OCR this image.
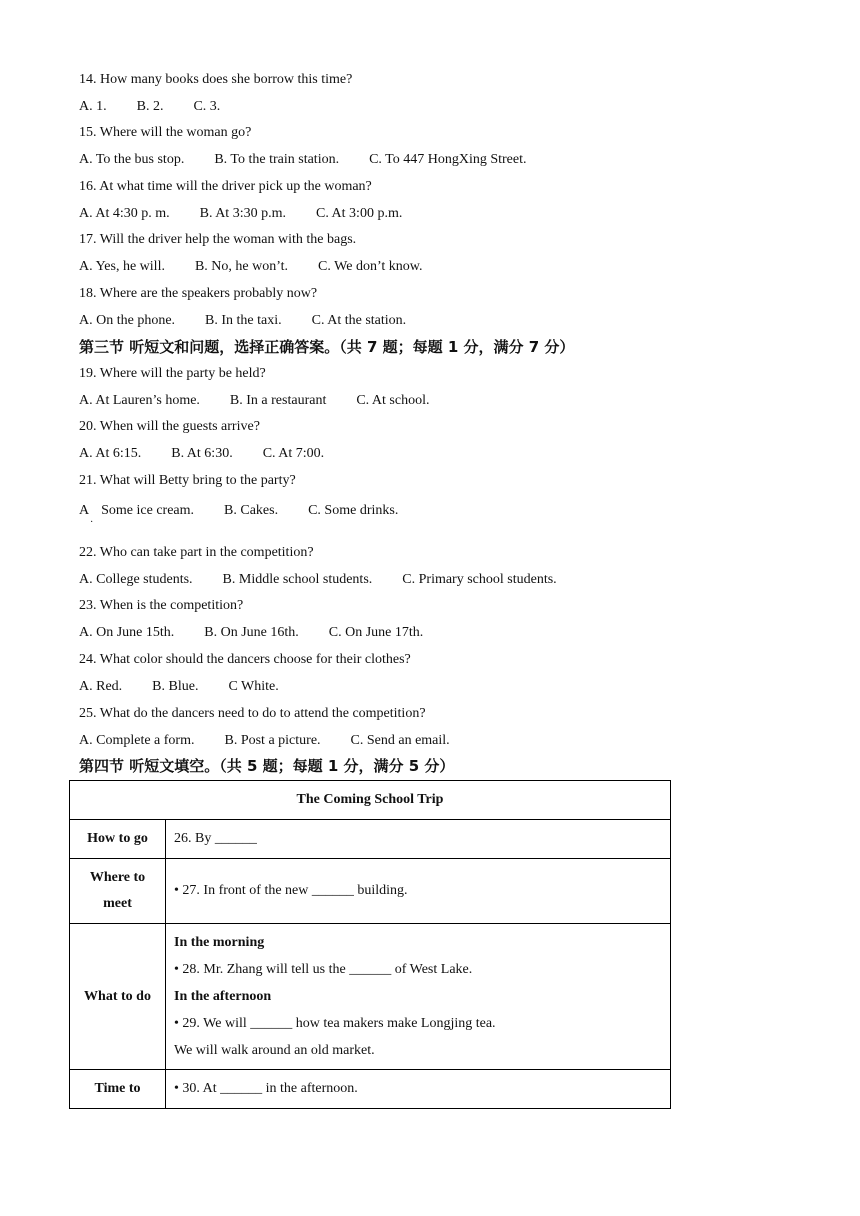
14. How many books does she borrow this time?
A. 1. B. 2. C. 3.
15. Where will the woman go?
A. To the bus stop. B. To the train station. C. To 447 HongXing Street.
16. At what time will the driver pick up the woman?
A. At 4:30 p. m. B. At 3:30 p.m. C. At 3:00 p.m.
17. Will the driver help the woman with the bags.
A. Yes, he will. B. No, he won’t. C. We don’t know.
18. Where are the speakers probably now?
A. On the phone. B. In the taxi. C. At the station.
第三节 听短文和问题，选择正确答案。（共 7 题；每题 1 分，满分 7 分）
19. Where will the party be held?
A. At Lauren’s home. B. In a restaurant C. At school.
20. When will the guests arrive?
A. At 6:15. B. At 6:30. C. At 7:00.
21. What will Betty bring to the party?
A Some ice cream. B. Cakes. C. Some drinks.
·
22. Who can take part in the competition?
A. College students. B. Middle school students. C. Primary school students.
23. When is the competition?
A. On June 15th. B. On June 16th. C. On June 17th.
24. What color should the dancers choose for their clothes?
A. Red. B. Blue. C White.
25. What do the dancers need to do to attend the competition?
A. Complete a form. B. Post a picture. C. Send an email.
第四节 听短文填空。（共 5 题；每题 1 分，满分 5 分）
The Coming School Trip	
How to go	26. By ______

Where to
meet	• 27. In front of the new ______ building.
What to do	In the morning
• 28. Mr. Zhang will tell us the ______ of West Lake.
In the afternoon
• 29. We will ______ how tea makers make Longjing tea.
We will walk around an old market.

Time to	• 30. At ______ in the afternoon.
